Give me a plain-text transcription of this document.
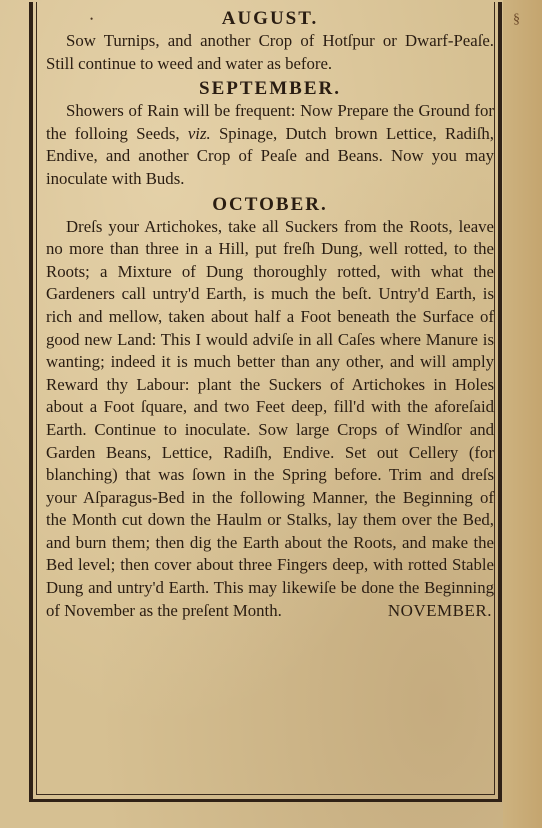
§
•	AUGUST.

Sow Turnips, and another Crop of Hotſpur or Dwarf-Peaſe. Still continue to weed and water as before.

SEPTEMBER.

Showers of Rain will be frequent: Now Prepare the Ground for the folloing Seeds, viz. Spinage, Dutch brown Lettice, Radiſh, Endive, and another Crop of Peaſe and Beans. Now you may inoculate with Buds.

OCTOBER.

Dreſs your Artichokes, take all Suckers from the Roots, leave no more than three in a Hill, put freſh Dung, well rotted, to the Roots; a Mixture of Dung thoroughly rotted, with what the Gardeners call untry'd Earth, is much the beſt. Untry'd Earth, is rich and mellow, taken about half a Foot beneath the Surface of good new Land: This I would adviſe in all Caſes where Manure is wanting; indeed it is much better than any other, and will amply Reward thy Labour: plant the Suckers of Artichokes in Holes about a Foot ſquare, and two Feet deep, fill'd with the aforeſaid Earth. Continue to inoculate. Sow large Crops of Windſor and Garden Beans, Lettice, Radiſh, Endive. Set out Cellery (for blanching) that was ſown in the Spring before. Trim and dreſs your Aſparagus-Bed in the following Manner, the Beginning of the Month cut down the Haulm or Stalks, lay them over the Bed, and burn them; then dig the Earth about the Roots, and make the Bed level; then cover about three Fingers deep, with rotted Stable Dung and untry'd Earth. This may likewiſe be done the Beginning of November as the preſent Month.	NOVEMBER.
